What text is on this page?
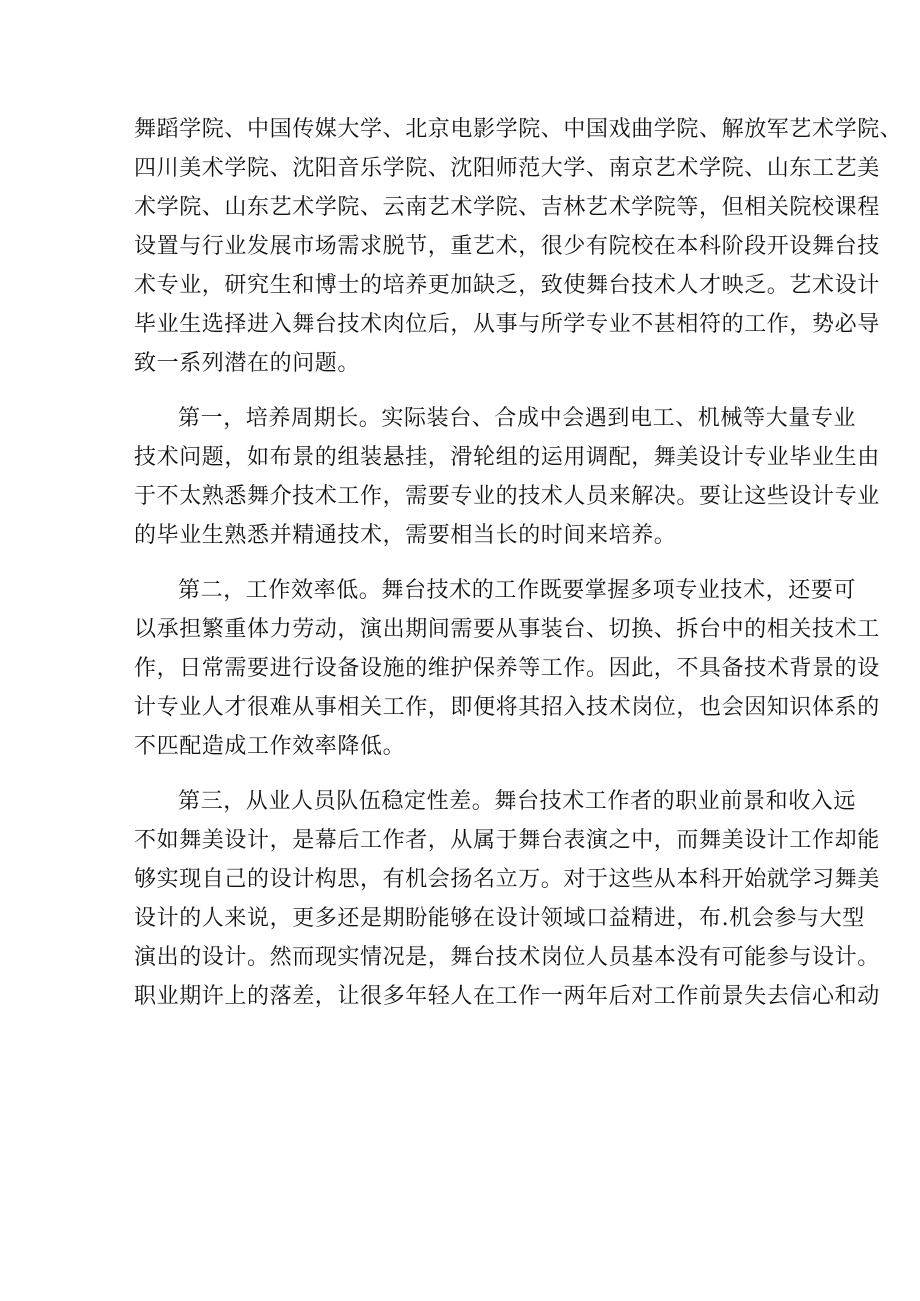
舞蹈学院、中国传媒大学、北京电影学院、中国戏曲学院、解放军艺术学院、
四川美术学院、沈阳音乐学院、沈阳师范大学、南京艺术学院、山东工艺美
术学院、山东艺术学院、云南艺术学院、吉林艺术学院等，但相关院校课程
设置与行业发展市场需求脱节，重艺术，很少有院校在本科阶段开设舞台技
术专业，研究生和博士的培养更加缺乏，致使舞台技术人才映乏。艺术设计
毕业生选择进入舞台技术肉位后，从事与所学专业不甚相符的工作，势必导
致一系列潜在的问题。
第一，培养周期长。实际装台、合成中会遇到电工、机械等大量专业
技术问题，如布景的组装悬挂，滑轮组的运用调配，舞美设计专业毕业生由
于不太熟悉舞介技术工作，需要专业的技术人员来解决。要让这些设计专业
的毕业生熟悉并精通技术，需要相当长的时间来培养。
第二，工作效率低。舞台技术的工作既要掌握多项专业技术，还要可
以承担繁重体力劳动，演出期间需要从事装台、切换、拆台中的相关技术工
作，日常需要进行设备设施的维护保养等工作。因此，不具备技术背景的设
计专业人才很难从事相关工作，即便将其招入技术岗位，也会因知识体系的
不匹配造成工作效率降低。
第三，从业人员队伍稳定性差。舞台技术工作者的职业前景和收入远
不如舞美设计，是幕后工作者，从属于舞台表演之中，而舞美设计工作却能
够实现自己的设计构思，有机会扬名立万。对于这些从本科开始就学习舞美
设计的人来说，更多还是期盼能够在设计领域口益精进，布.机会参与大型
演出的设计。然而现实情况是，舞台技术岗位人员基本没有可能参与设计。
职业期许上的落差，让很多年轻人在工作一两年后对工作前景失去信心和动
